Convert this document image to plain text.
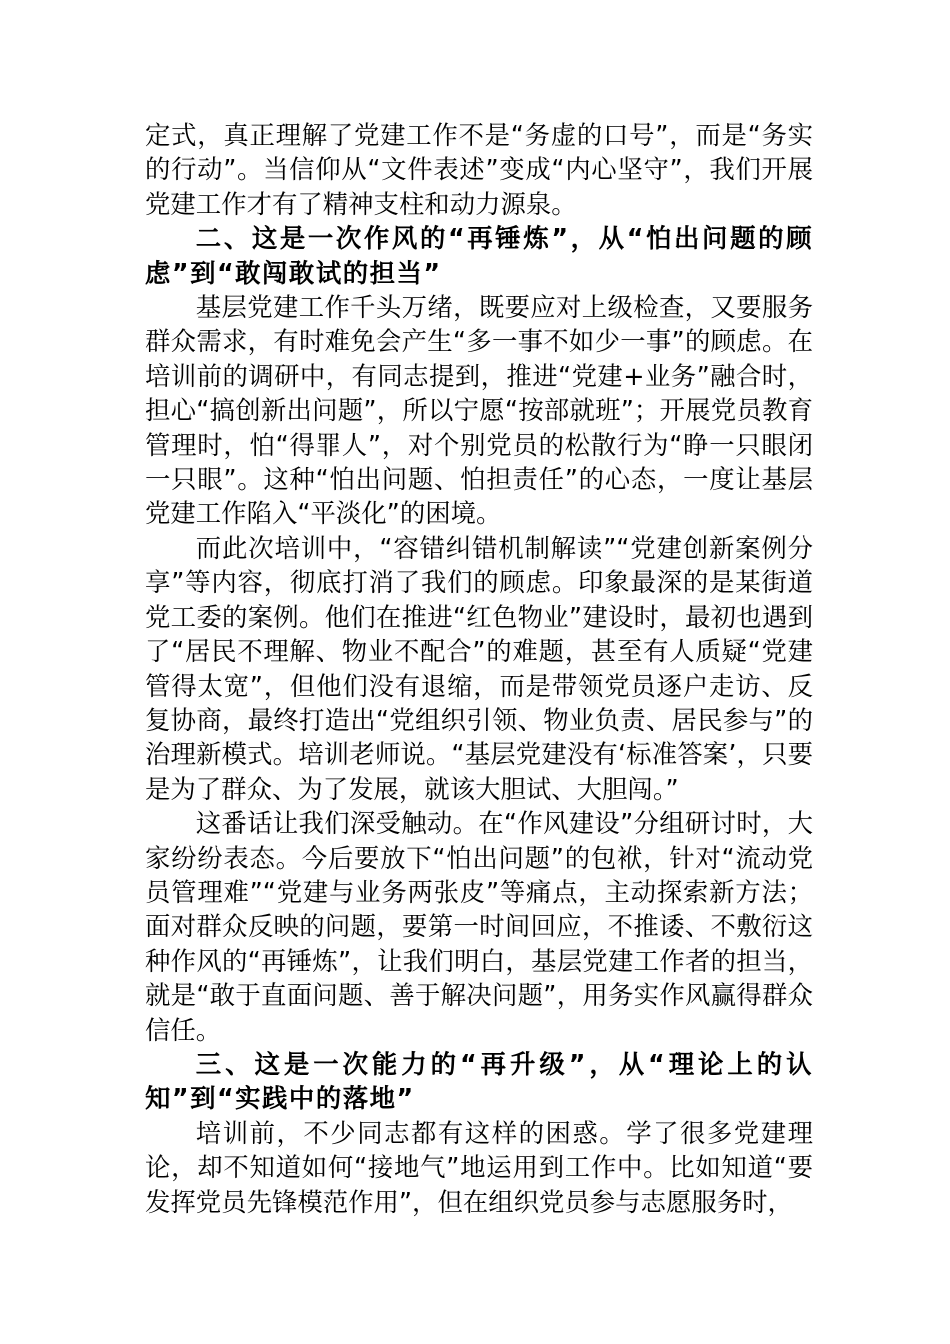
定式，真正理解了党建工作不是“务虚的口号”，而是“务实的行动”。当信仰从“文件表述”变成“内心坚守”，我们开展党建工作才有了精神支柱和动力源泉。

二、这是一次作风的“再锤炼”，从“怕出问题的顾虑”到“敢闯敢试的担当”

基层党建工作千头万绪，既要应对上级检查，又要服务群众需求，有时难免会产生“多一事不如少一事”的顾虑。在培训前的调研中，有同志提到，推进“党建+业务”融合时，担心“搞创新出问题”，所以宁愿“按部就班”；开展党员教育管理时，怕“得罪人”，对个别党员的松散行为“睁一只眼闭一只眼”。这种“怕出问题、怕担责任”的心态，一度让基层党建工作陷入“平淡化”的困境。

而此次培训中，“容错纠错机制解读”“党建创新案例分享”等内容，彻底打消了我们的顾虑。印象最深的是某街道党工委的案例。他们在推进“红色物业”建设时，最初也遇到了“居民不理解、物业不配合”的难题，甚至有人质疑“党建管得太宽”，但他们没有退缩，而是带领党员逐户走访、反复协商，最终打造出“党组织引领、物业负责、居民参与”的治理新模式。培训老师说。“基层党建没有‘标准答案’，只要是为了群众、为了发展，就该大胆试、大胆闯。”

这番话让我们深受触动。在“作风建设”分组研讨时，大家纷纷表态。今后要放下“怕出问题”的包袱，针对“流动党员管理难”“党建与业务两张皮”等痛点，主动探索新方法；面对群众反映的问题，要第一时间回应，不推诿、不敷衍这种作风的“再锤炼”，让我们明白，基层党建工作者的担当，就是“敢于直面问题、善于解决问题”，用务实作风赢得群众信任。

三、这是一次能力的“再升级”，从“理论上的认知”到“实践中的落地”

培训前，不少同志都有这样的困惑。学了很多党建理论，却不知道如何“接地气”地运用到工作中。比如知道“要发挥党员先锋模范作用”，但在组织党员参与志愿服务时，
